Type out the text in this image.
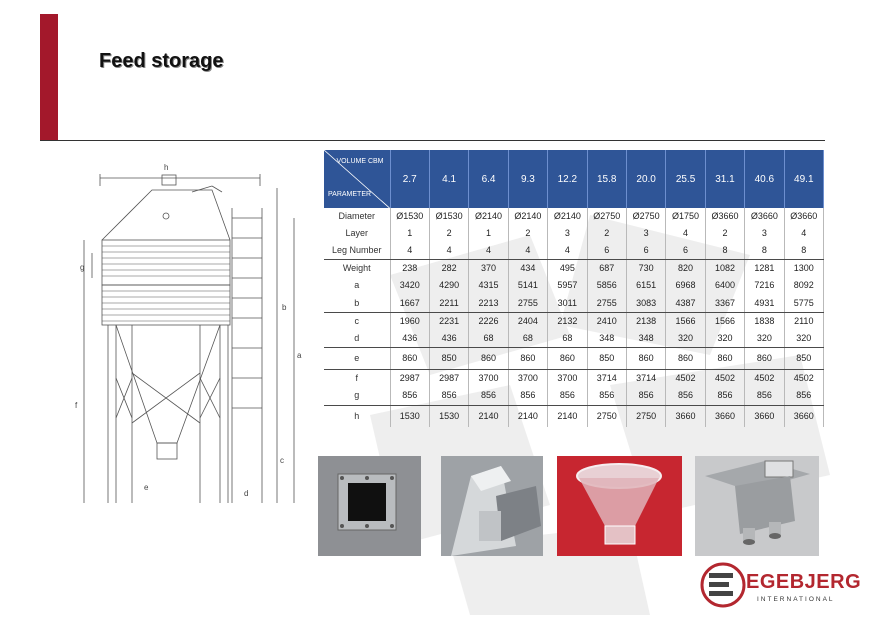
Feed storage
h
g
b
a
f
c
d
e
VOLUME CBM
PARAMETER	2.7	4.1	6.4	9.3	12.2	15.8	20.0	25.5	31.1	40.6	49.1
Diameter	Ø1530	Ø1530	Ø2140	Ø2140	Ø2140	Ø2750	Ø2750	Ø1750	Ø3660	Ø3660	Ø3660
Layer	1	2	1	2	3	2	3	4	2	3	4
Leg Number	4	4	4	4	4	6	6	6	8	8	8
Weight	238	282	370	434	495	687	730	820	1082	1281	1300
a	3420	4290	4315	5141	5957	5856	6151	6968	6400	7216	8092
b	1667	2211	2213	2755	3011	2755	3083	4387	3367	4931	5775
c	1960	2231	2226	2404	2132	2410	2138	1566	1566	1838	2110
d	436	436	68	68	68	348	348	320	320	320	320
e	860	850	860	860	860	850	860	860	860	860	850
f	2987	2987	3700	3700	3700	3714	3714	4502	4502	4502	4502
g	856	856	856	856	856	856	856	856	856	856	856
h	1530	1530	2140	2140	2140	2750	2750	3660	3660	3660	3660
EGEBJERG
INTERNATIONAL
